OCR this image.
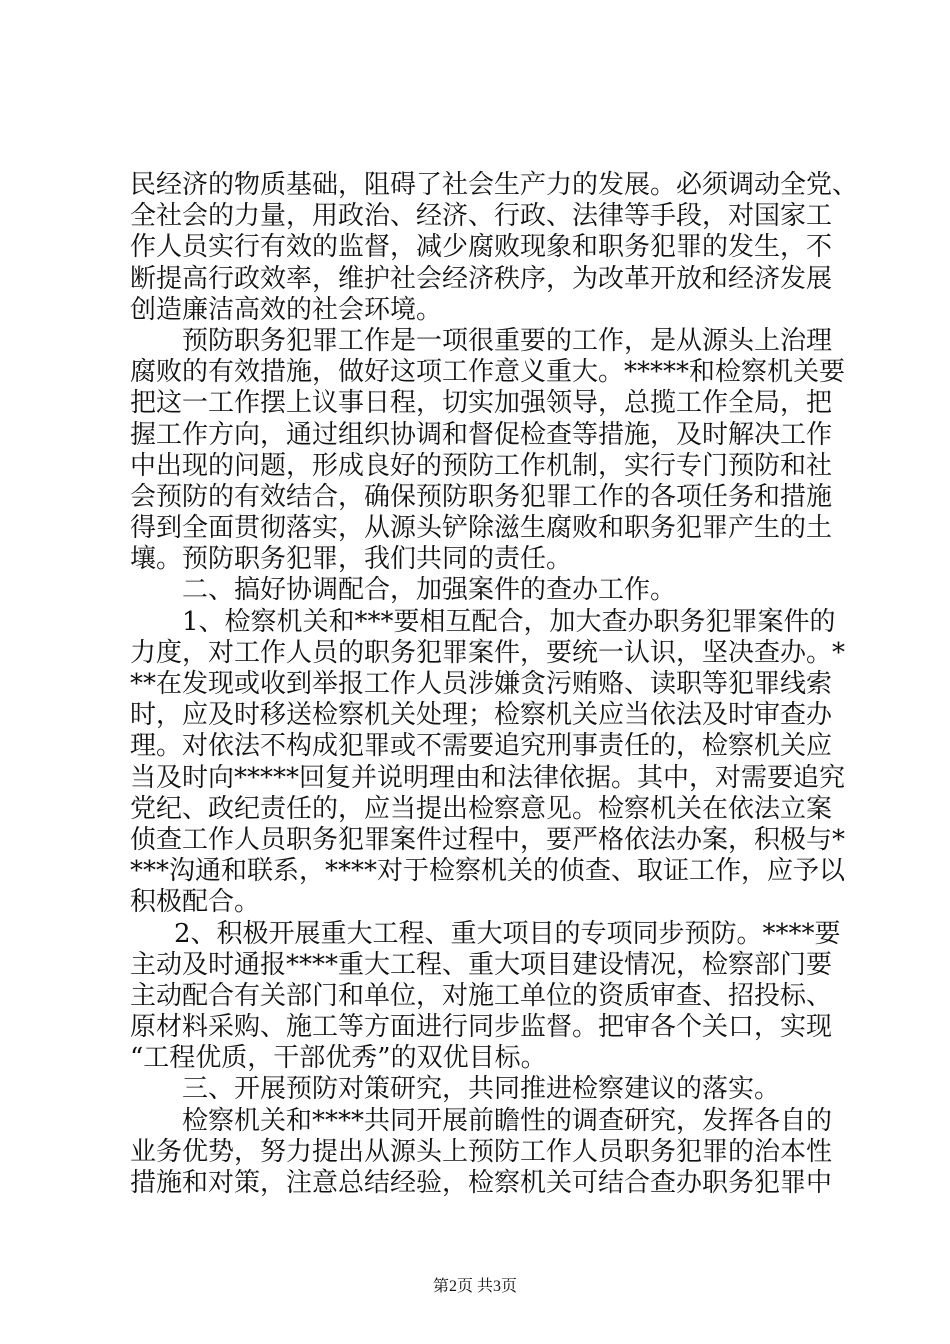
民经济的物质基础，阻碍了社会生产力的发展。必须调动全党、
全社会的力量，用政治、经济、行政、法律等手段，对国家工
作人员实行有效的监督，减少腐败现象和职务犯罪的发生，不
断提高行政效率，维护社会经济秩序，为改革开放和经济发展
创造廉洁高效的社会环境。
预防职务犯罪工作是一项很重要的工作，是从源头上治理
腐败的有效措施，做好这项工作意义重大。*****和检察机关要
把这一工作摆上议事日程，切实加强领导，总揽工作全局，把
握工作方向，通过组织协调和督促检查等措施，及时解决工作
中出现的问题，形成良好的预防工作机制，实行专门预防和社
会预防的有效结合，确保预防职务犯罪工作的各项任务和措施
得到全面贯彻落实，从源头铲除滋生腐败和职务犯罪产生的土
壤。预防职务犯罪，我们共同的责任。
二、搞好协调配合，加强案件的查办工作。
1、检察机关和***要相互配合，加大查办职务犯罪案件的
力度，对工作人员的职务犯罪案件，要统一认识，坚决查办。*
**在发现或收到举报工作人员涉嫌贪污贿赂、读职等犯罪线索
时，应及时移送检察机关处理；检察机关应当依法及时审查办
理。对依法不构成犯罪或不需要追究刑事责任的，检察机关应
当及时向*****回复并说明理由和法律依据。其中，对需要追究
党纪、政纪责任的，应当提出检察意见。检察机关在依法立案
侦查工作人员职务犯罪案件过程中，要严格依法办案，积极与*
***沟通和联系，****对于检察机关的侦查、取证工作，应予以
积极配合。
2、积极开展重大工程、重大项目的专项同步预防。****要
主动及时通报****重大工程、重大项目建设情况，检察部门要
主动配合有关部门和单位，对施工单位的资质审查、招投标、
原材料采购、施工等方面进行同步监督。把审各个关口，实现
“工程优质，干部优秀”的双优目标。
三、开展预防对策研究，共同推进检察建议的落实。
检察机关和****共同开展前瞻性的调查研究，发挥各自的
业务优势，努力提出从源头上预防工作人员职务犯罪的治本性
措施和对策，注意总结经验，检察机关可结合查办职务犯罪中
第2页 共3页
